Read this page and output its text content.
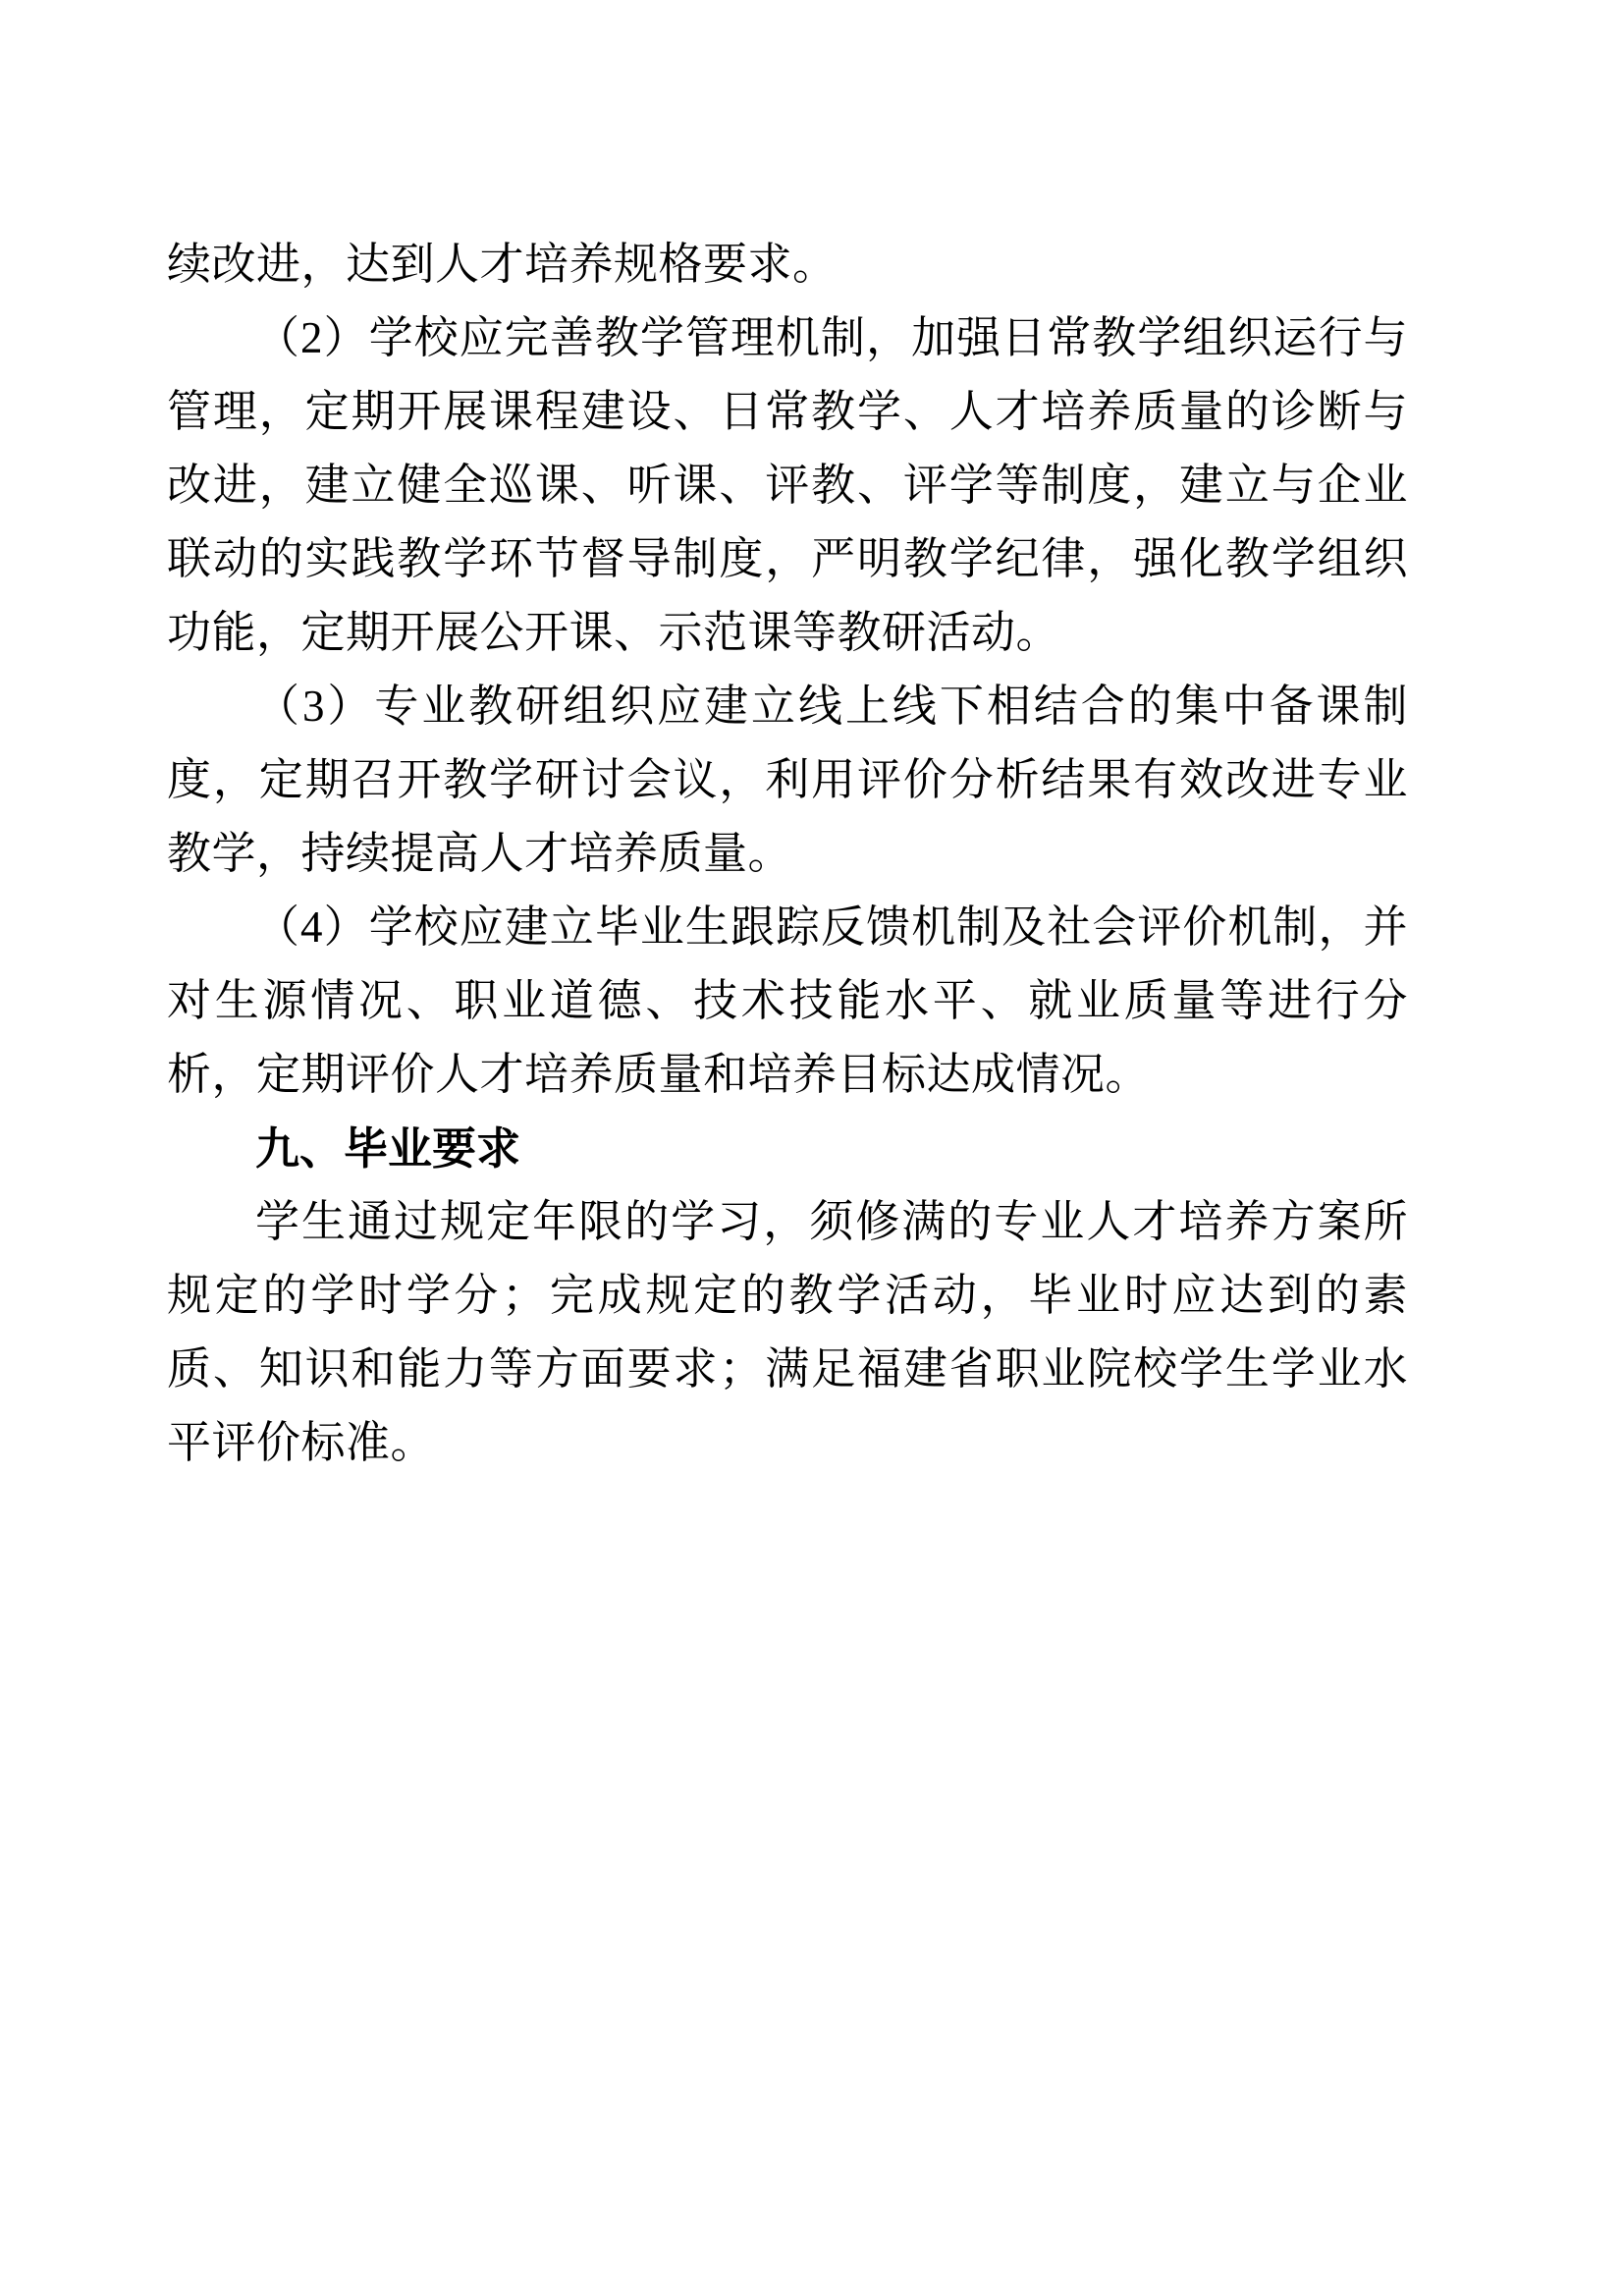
续改进，达到人才培养规格要求。

（2）学校应完善教学管理机制，加强日常教学组织运行与管理，定期开展课程建设、日常教学、人才培养质量的诊断与改进，建立健全巡课、听课、评教、评学等制度，建立与企业联动的实践教学环节督导制度，严明教学纪律，强化教学组织功能，定期开展公开课、示范课等教研活动。

（3）专业教研组织应建立线上线下相结合的集中备课制度，定期召开教学研讨会议，利用评价分析结果有效改进专业教学，持续提高人才培养质量。

（4）学校应建立毕业生跟踪反馈机制及社会评价机制，并对生源情况、职业道德、技术技能水平、就业质量等进行分析，定期评价人才培养质量和培养目标达成情况。

九、毕业要求

学生通过规定年限的学习，须修满的专业人才培养方案所规定的学时学分；完成规定的教学活动，毕业时应达到的素质、知识和能力等方面要求；满足福建省职业院校学生学业水平评价标准。
